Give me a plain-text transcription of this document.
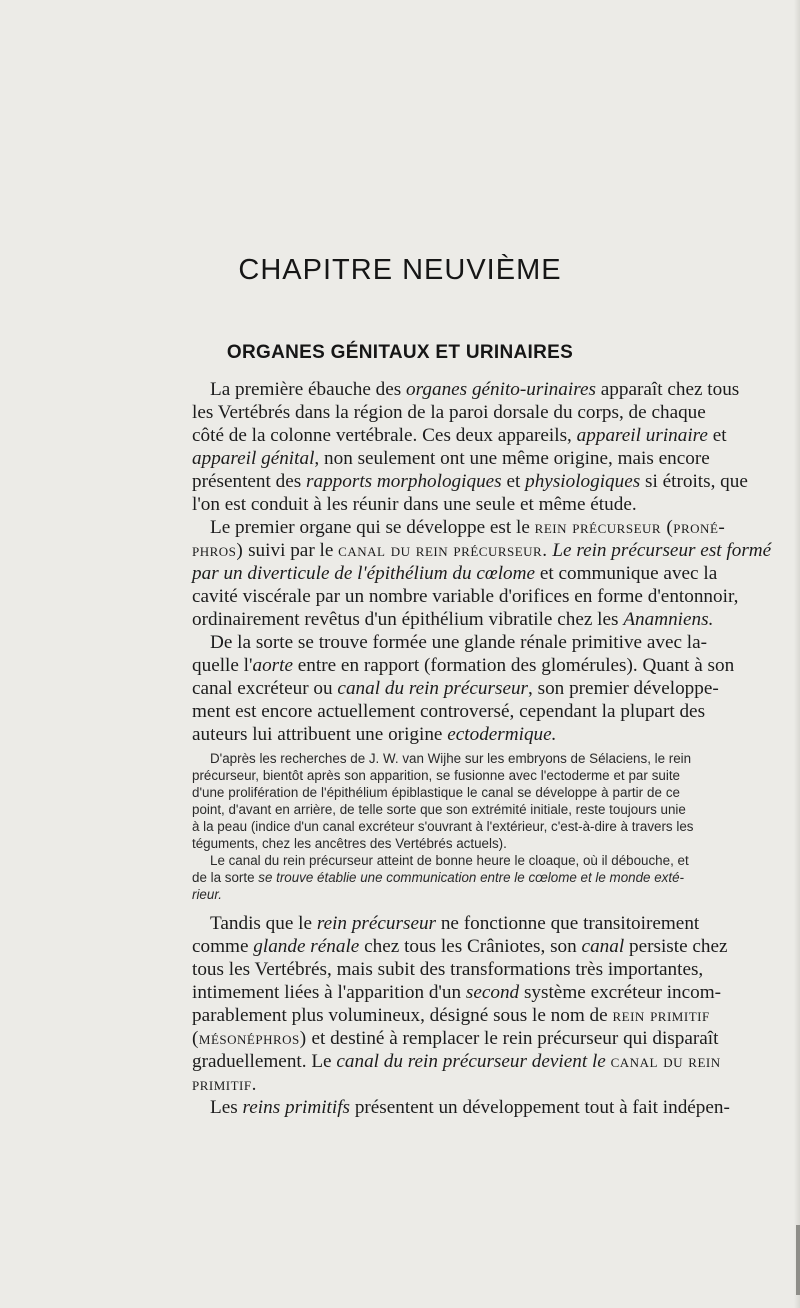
CHAPITRE NEUVIÈME
ORGANES GÉNITAUX ET URINAIRES
La première ébauche des organes génito-urinaires apparaît chez tous
les Vertébrés dans la région de la paroi dorsale du corps, de chaque
côté de la colonne vertébrale. Ces deux appareils, appareil urinaire et
appareil génital, non seulement ont une même origine, mais encore
présentent des rapports morphologiques et physiologiques si étroits, que
l'on est conduit à les réunir dans une seule et même étude.
Le premier organe qui se développe est le rein précurseur (proné-
phros) suivi par le canal du rein précurseur. Le rein précurseur est formé
par un diverticule de l'épithélium du cœlome et communique avec la
cavité viscérale par un nombre variable d'orifices en forme d'entonnoir,
ordinairement revêtus d'un épithélium vibratile chez les Anamniens.
De la sorte se trouve formée une glande rénale primitive avec la-
quelle l'aorte entre en rapport (formation des glomérules). Quant à son
canal excréteur ou canal du rein précurseur, son premier développe-
ment est encore actuellement controversé, cependant la plupart des
auteurs lui attribuent une origine ectodermique.
D'après les recherches de J. W. van Wijhe sur les embryons de Sélaciens, le rein
précurseur, bientôt après son apparition, se fusionne avec l'ectoderme et par suite
d'une prolifération de l'épithélium épiblastique le canal se développe à partir de ce
point, d'avant en arrière, de telle sorte que son extrémité initiale, reste toujours unie
à la peau (indice d'un canal excréteur s'ouvrant à l'extérieur, c'est-à-dire à travers les
téguments, chez les ancêtres des Vertébrés actuels).
Le canal du rein précurseur atteint de bonne heure le cloaque, où il débouche, et
de la sorte se trouve établie une communication entre le cœlome et le monde exté-
rieur.
Tandis que le rein précurseur ne fonctionne que transitoirement
comme glande rénale chez tous les Crâniotes, son canal persiste chez
tous les Vertébrés, mais subit des transformations très importantes,
intimement liées à l'apparition d'un second système excréteur incom-
parablement plus volumineux, désigné sous le nom de rein primitif
(mésonéphros) et destiné à remplacer le rein précurseur qui disparaît
graduellement. Le canal du rein précurseur devient le canal du rein
primitif.
Les reins primitifs présentent un développement tout à fait indépen-
